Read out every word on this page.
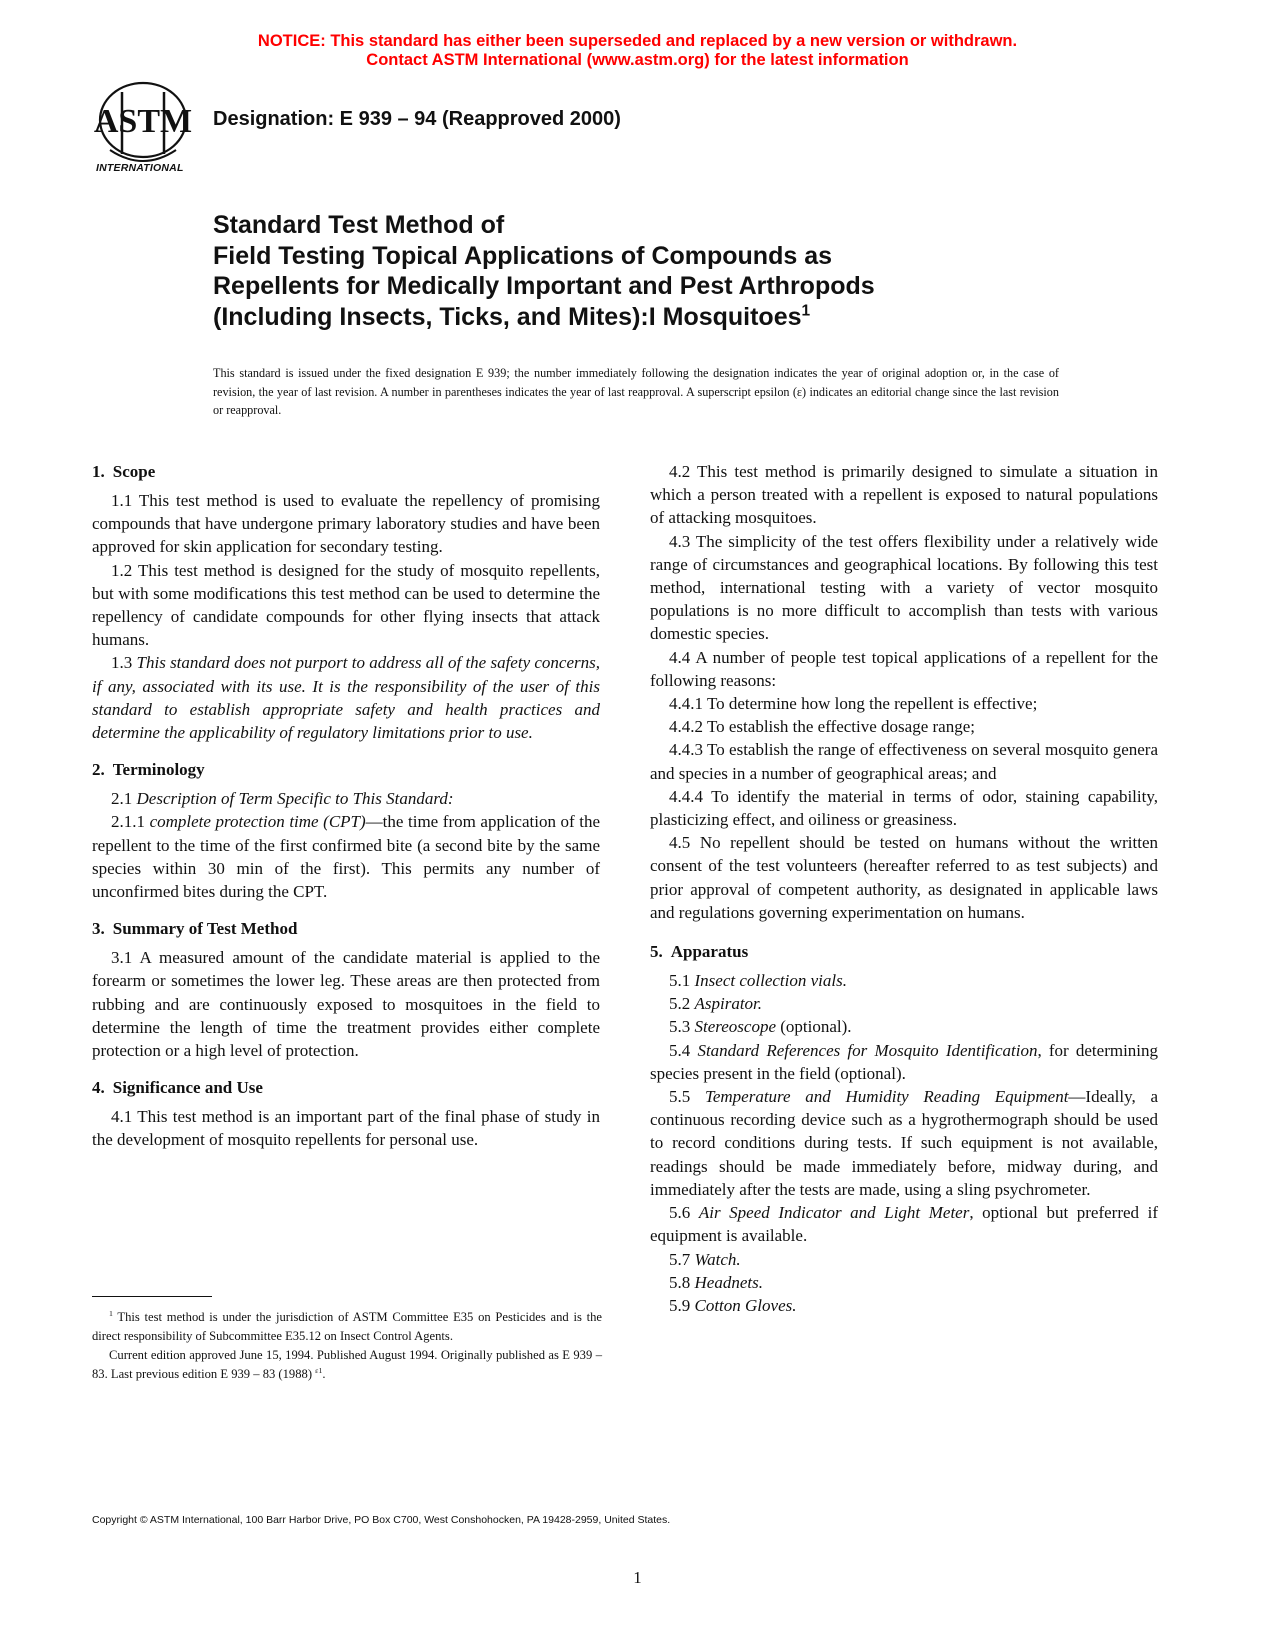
NOTICE: This standard has either been superseded and replaced by a new version or withdrawn.
Contact ASTM International (www.astm.org) for the latest information
ASTM
INTERNATIONAL
Designation: E 939 – 94 (Reapproved 2000)
Standard Test Method of
Field Testing Topical Applications of Compounds as
Repellents for Medically Important and Pest Arthropods
(Including Insects, Ticks, and Mites):I Mosquitoes$^1$
This standard is issued under the fixed designation E 939; the number immediately following the designation indicates the year of original adoption or, in the case of revision, the year of last revision. A number in parentheses indicates the year of last reapproval. A superscript epsilon (ε) indicates an editorial change since the last revision or reapproval.
1. Scope

1.1 This test method is used to evaluate the repellency of promising compounds that have undergone primary laboratory studies and have been approved for skin application for secondary testing.

1.2 This test method is designed for the study of mosquito repellents, but with some modifications this test method can be used to determine the repellency of candidate compounds for other flying insects that attack humans.

1.3 This standard does not purport to address all of the safety concerns, if any, associated with its use. It is the responsibility of the user of this standard to establish appropriate safety and health practices and determine the applicability of regulatory limitations prior to use.

2. Terminology

2.1 Description of Term Specific to This Standard:

2.1.1 complete protection time (CPT)—the time from application of the repellent to the time of the first confirmed bite (a second bite by the same species within 30 min of the first). This permits any number of unconfirmed bites during the CPT.

3. Summary of Test Method

3.1 A measured amount of the candidate material is applied to the forearm or sometimes the lower leg. These areas are then protected from rubbing and are continuously exposed to mosquitoes in the field to determine the length of time the treatment provides either complete protection or a high level of protection.

4. Significance and Use

4.1 This test method is an important part of the final phase of study in the development of mosquito repellents for personal use.

4.2 This test method is primarily designed to simulate a situation in which a person treated with a repellent is exposed to natural populations of attacking mosquitoes.

4.3 The simplicity of the test offers flexibility under a relatively wide range of circumstances and geographical locations. By following this test method, international testing with a variety of vector mosquito populations is no more difficult to accomplish than tests with various domestic species.

4.4 A number of people test topical applications of a repellent for the following reasons:

4.4.1 To determine how long the repellent is effective;

4.4.2 To establish the effective dosage range;

4.4.3 To establish the range of effectiveness on several mosquito genera and species in a number of geographical areas; and

4.4.4 To identify the material in terms of odor, staining capability, plasticizing effect, and oiliness or greasiness.

4.5 No repellent should be tested on humans without the written consent of the test volunteers (hereafter referred to as test subjects) and prior approval of competent authority, as designated in applicable laws and regulations governing experimentation on humans.

5. Apparatus

5.1 Insect collection vials.

5.2 Aspirator.

5.3 Stereoscope (optional).

5.4 Standard References for Mosquito Identification, for determining species present in the field (optional).

5.5 Temperature and Humidity Reading Equipment—Ideally, a continuous recording device such as a hygrothermograph should be used to record conditions during tests. If such equipment is not available, readings should be made immediately before, midway during, and immediately after the tests are made, using a sling psychrometer.

5.6 Air Speed Indicator and Light Meter, optional but preferred if equipment is available.

5.7 Watch.

5.8 Headnets.

5.9 Cotton Gloves.

$^1$ This test method is under the jurisdiction of ASTM Committee E35 on Pesticides and is the direct responsibility of Subcommittee E35.12 on Insect Control Agents.

Current edition approved June 15, 1994. Published August 1994. Originally published as E 939 – 83. Last previous edition E 939 – 83 (1988) $^{\varepsilon 1}$.

Copyright © ASTM International, 100 Barr Harbor Drive, PO Box C700, West Conshohocken, PA 19428-2959, United States.
1
